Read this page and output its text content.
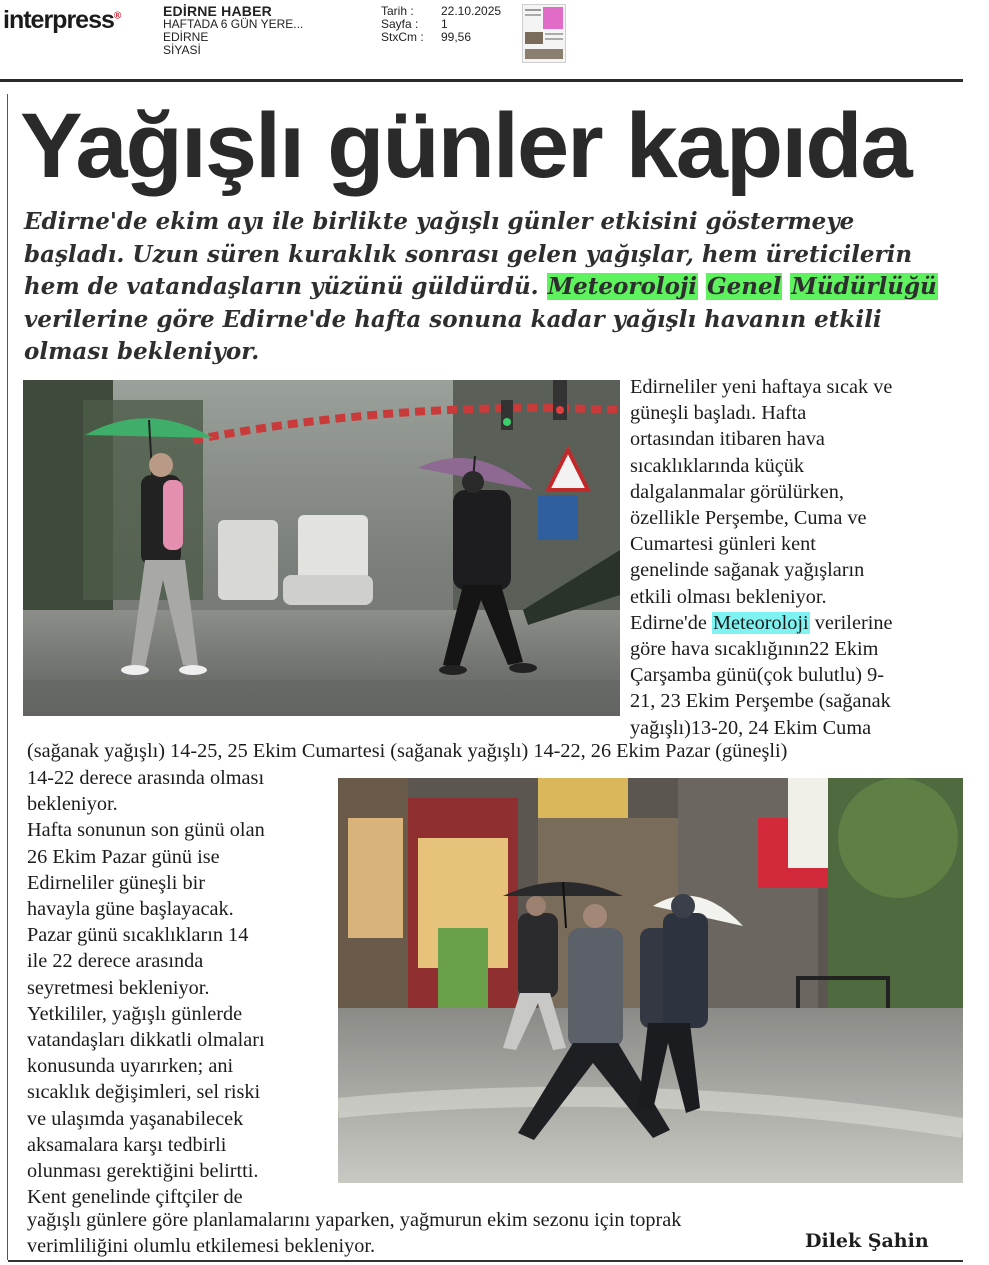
interpress®	EDİRNE HABER
HAFTADA 6 GÜN YERE...
EDİRNE
SİYASİ
Tarih :	22.10.2025
Sayfa :	1
StxCm :	99,56
Yağışlı günler kapıda

Edirne'de ekim ayı ile birlikte yağışlı günler etkisini göstermeye başladı. Uzun süren kuraklık sonrası gelen yağışlar, hem üreticilerin hem de vatandaşların yüzünü güldürdü. Meteoroloji Genel Müdürlüğü verilerine göre Edirne'de hafta sonuna kadar yağışlı havanın etkili olması bekleniyor.

Edirneliler yeni haftaya sıcak ve
güneşli başladı. Hafta
ortasından itibaren hava
sıcaklıklarında küçük
dalgalanmalar görülürken,
özellikle Perşembe, Cuma ve
Cumartesi günleri kent
genelinde sağanak yağışların
etkili olması bekleniyor.
Edirne'de Meteoroloji verilerine
göre hava sıcaklığının22 Ekim
Çarşamba günü(çok bulutlu) 9-
21, 23 Ekim Perşembe (sağanak
yağışlı)13-20, 24 Ekim Cuma
(sağanak yağışlı) 14-25, 25 Ekim Cumartesi (sağanak yağışlı) 14-22, 26 Ekim Pazar (güneşli)
14-22 derece arasında olması
bekleniyor.
Hafta sonunun son günü olan
26 Ekim Pazar günü ise
Edirneliler güneşli bir
havayla güne başlayacak.
Pazar günü sıcaklıkların 14
ile 22 derece arasında
seyretmesi bekleniyor.
Yetkililer, yağışlı günlerde
vatandaşları dikkatli olmaları
konusunda uyarırken; ani
sıcaklık değişimleri, sel riski
ve ulaşımda yaşanabilecek
aksamalara karşı tedbirli
olunması gerektiğini belirtti.
Kent genelinde çiftçiler de
yağışlı günlere göre planlamalarını yaparken, yağmurun ekim sezonu için toprak
verimliliğini olumlu etkilemesi bekleniyor.	Dilek Şahin
